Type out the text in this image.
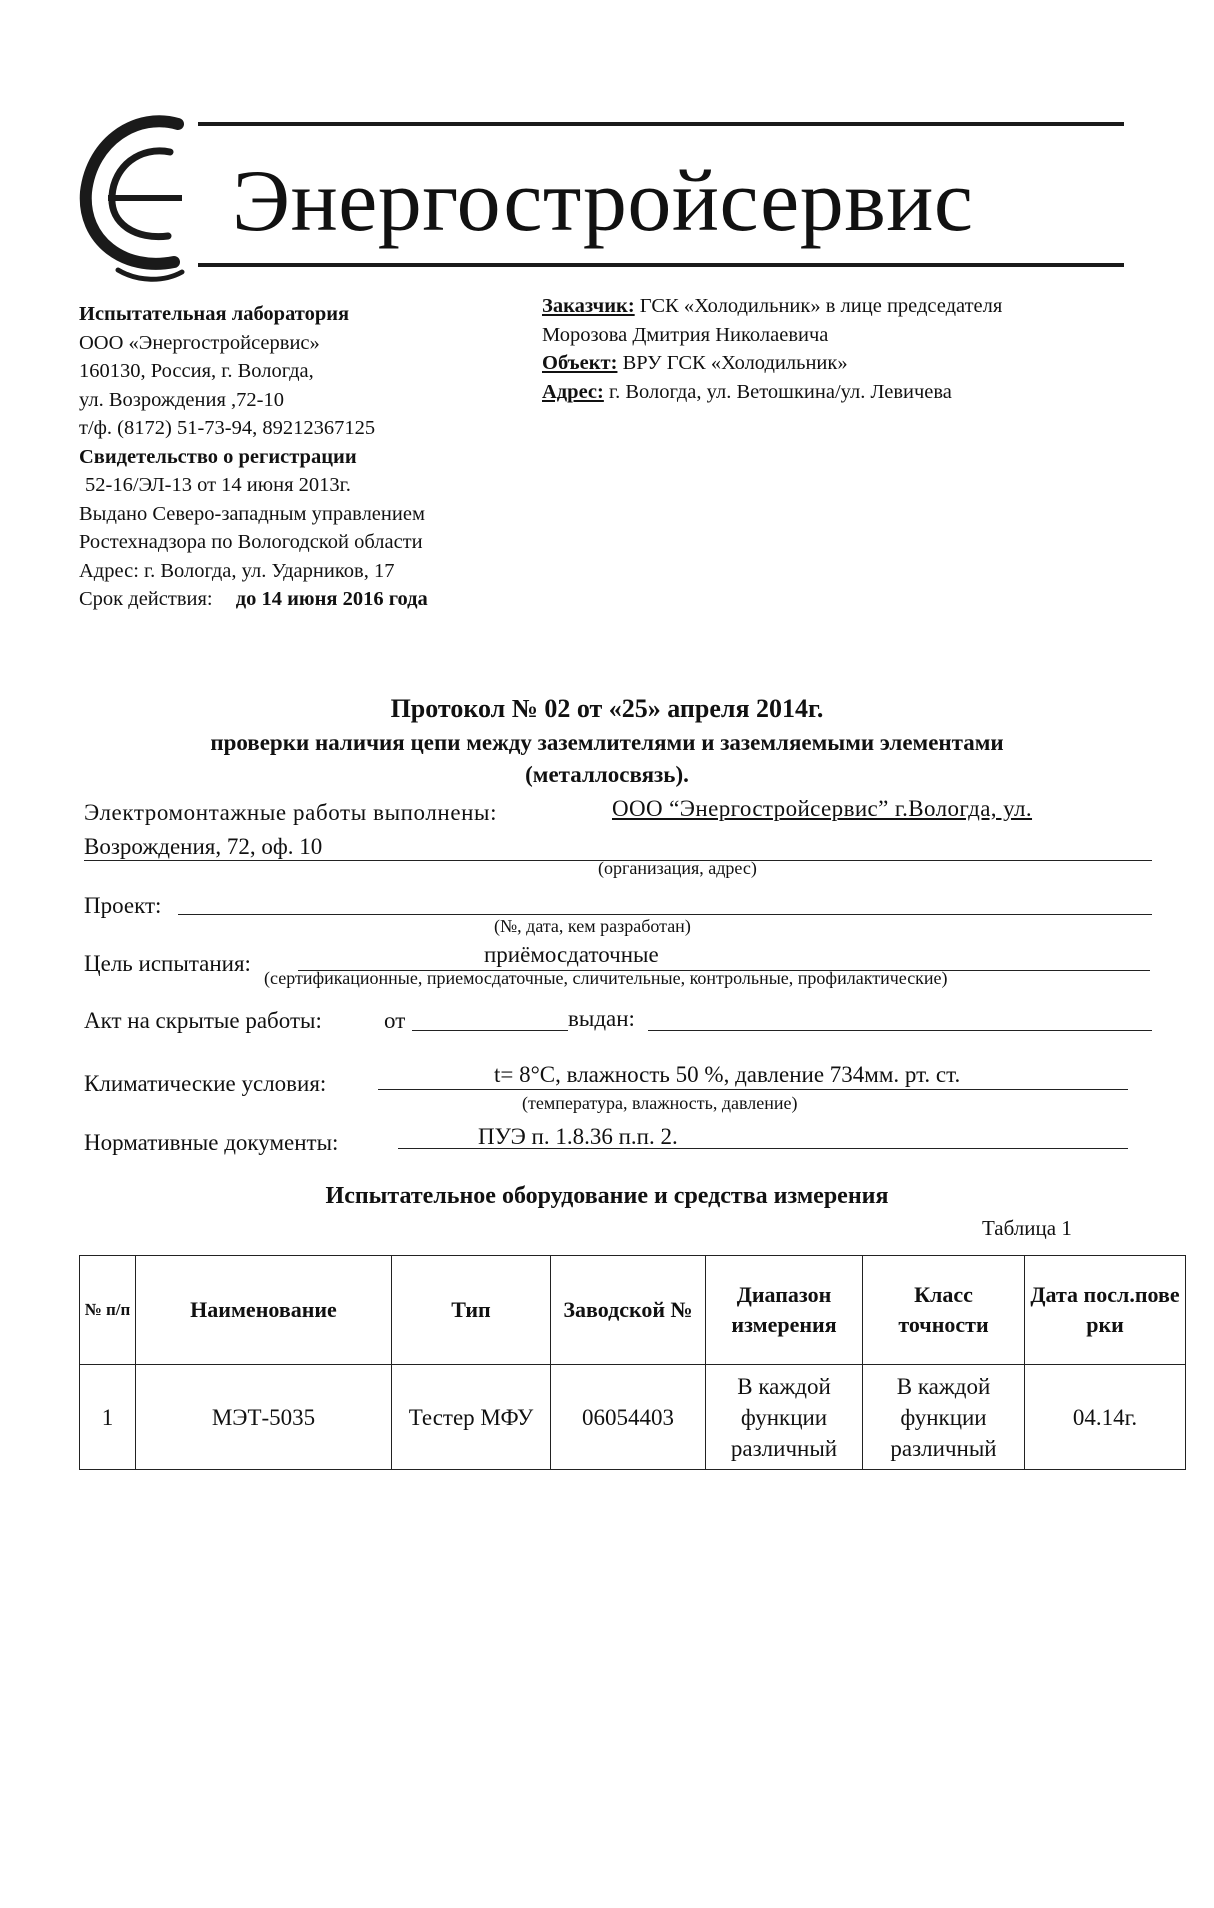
Энергостройсервис
Испытательная лаборатория
ООО «Энергостройсервис»
160130, Россия, г. Вологда,
ул. Возрождения ,72-10
т/ф. (8172) 51-73-94, 89212367125
Свидетельство о регистрации
52-16/ЭЛ-13 от 14 июня 2013г.
Выдано Северо-западным управлением
Ростехнадзора по Вологодской области
Адрес: г. Вологда, ул. Ударников, 17
Срок действия: до 14 июня 2016 года
Заказчик: ГСК «Холодильник» в лице председателя
Морозова Дмитрия Николаевича
Объект: ВРУ ГСК «Холодильник»
Адрес: г. Вологда, ул. Ветошкина/ул. Левичева
Протокол № 02 от «25» апреля 2014г.
проверки наличия цепи между заземлителями и заземляемыми элементами
(металлосвязь).
Электромонтажные работы выполнены:	ООО “Энергостройсервис” г.Вологда, ул.
Возрождения, 72, оф. 10
(организация, адрес)
Проект:
(№, дата, кем разработан)
Цель испытания:	приёмосдаточные
(сертификационные, приемосдаточные, сличительные, контрольные, профилактические)
Акт на скрытые работы:	от	выдан:
Климатические условия:	t= 8°С, влажность 50 %, давление 734мм. рт. ст.
(температура, влажность, давление)
Нормативные документы:	ПУЭ п. 1.8.36 п.п. 2.
Испытательное оборудование и средства измерения
Таблица 1
№ п/п	Наименование	Тип	Заводской №	Диапазон измерения	Класс точности	Дата посл.пове рки
1	МЭТ-5035	Тестер МФУ	06054403	В каждой функции различный	В каждой функции различный	04.14г.
